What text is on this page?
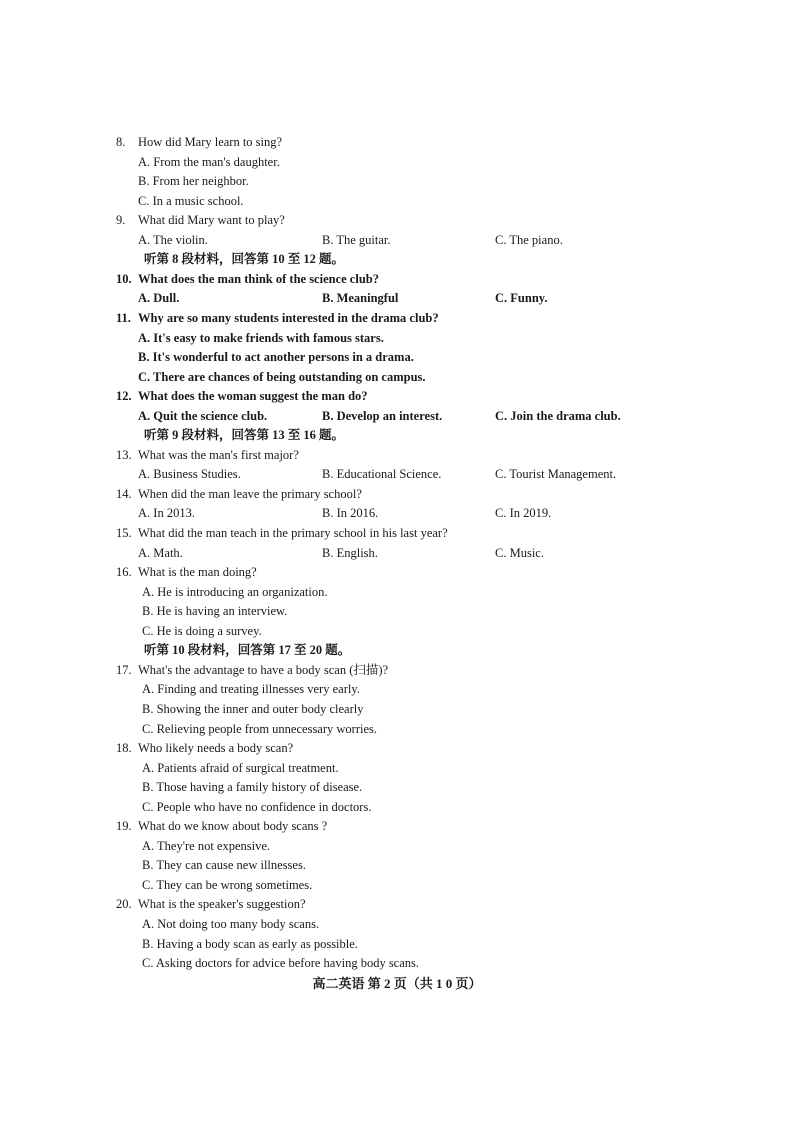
8. How did Mary learn to sing?
A. From the man's daughter.
B. From her neighbor.
C. In a music school.
9. What did Mary want to play?
A. The violin.	B. The guitar.	C. The piano.
听第 8 段材料，回答第 10 至 12 题。
10. What does the man think of the science club?
A. Dull.	B. Meaningful	C. Funny.
11. Why are so many students interested in the drama club?
A. It's easy to make friends with famous stars.
B. It's wonderful to act another persons in a drama.
C. There are chances of being outstanding on campus.
12. What does the woman suggest the man do?
A. Quit the science club.	B. Develop an interest.	C. Join the drama club.
听第 9 段材料，回答第 13 至 16 题。
13. What was the man's first major?
A. Business Studies.	B. Educational Science.	C. Tourist Management.
14. When did the man leave the primary school?
A. In 2013.	B. In 2016.	C. In 2019.
15. What did the man teach in the primary school in his last year?
A. Math.	B. English.	C. Music.
16. What is the man doing?
A. He is introducing an organization.
B. He is having an interview.
C. He is doing a survey.
听第 10 段材料，回答第 17 至 20 题。
17. What's the advantage to have a body scan (扫描)?
A. Finding and treating illnesses very early.
B. Showing the inner and outer body clearly
C. Relieving people from unnecessary worries.
18. Who likely needs a body scan?
A. Patients afraid of surgical treatment.
B. Those having a family history of disease.
C. People who have no confidence in doctors.
19. What do we know about body scans ?
A. They're not expensive.
B. They can cause new illnesses.
C. They can be wrong sometimes.
20. What is the speaker's suggestion?
A. Not doing too many body scans.
B. Having a body scan as early as possible.
C. Asking doctors for advice before having body scans.
高二英语 第 2 页（共 1 0 页）
